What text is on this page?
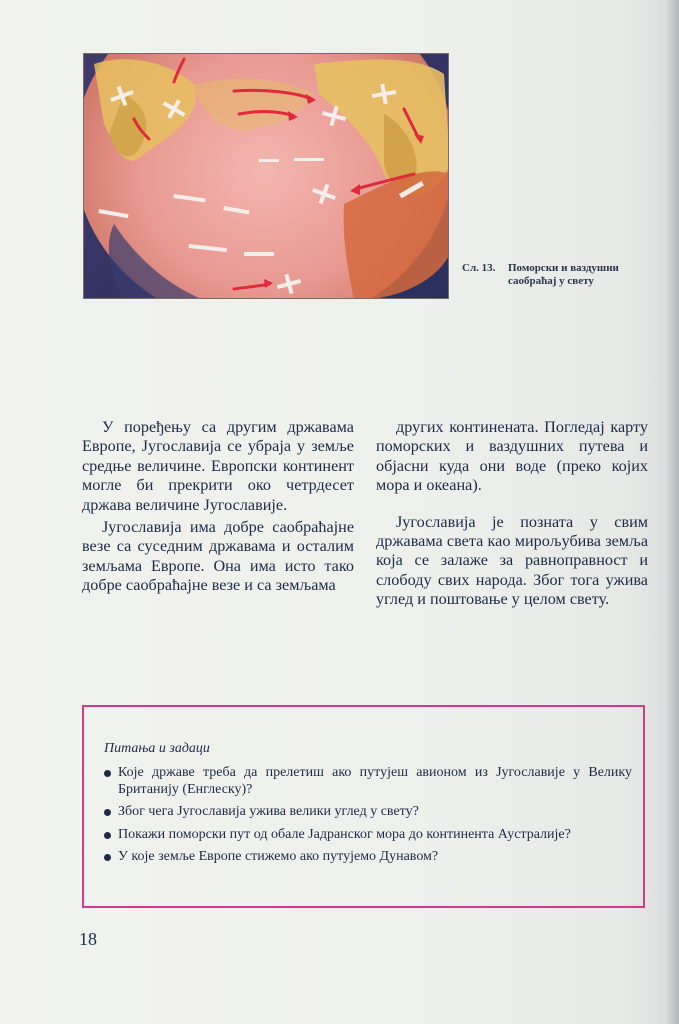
Сл. 13. Поморски и ваздушни саобраћај у свету

У поређењу са другим државама Европе, Југославија се убраја у земље средње величине. Европски континент могле би прекрити око четрдесет држава величине Југославије.

Југославија има добре саобраћајне везе са суседним државама и осталим земљама Европе. Она има исто тако добре саобраћајне везе и са земљама

других континената. Погледај карту поморских и ваздушних путева и објасни куда они воде (преко којих мора и океана).

Југославија је позната у свим државама света као мирољубива земља која се залаже за равноправност и слободу свих народа. Због тога ужива углед и поштовање у целом свету.

Питања и задаци
Које државе треба да прелетиш ако путујеш авионом из Југославије у Велику Британију (Енглеску)?
Због чега Југославија ужива велики углед у свету?
Покажи поморски пут од обале Јадранског мора до континента Аустралије?
У које земље Европе стижемо ако путујемо Дунавом?
18
